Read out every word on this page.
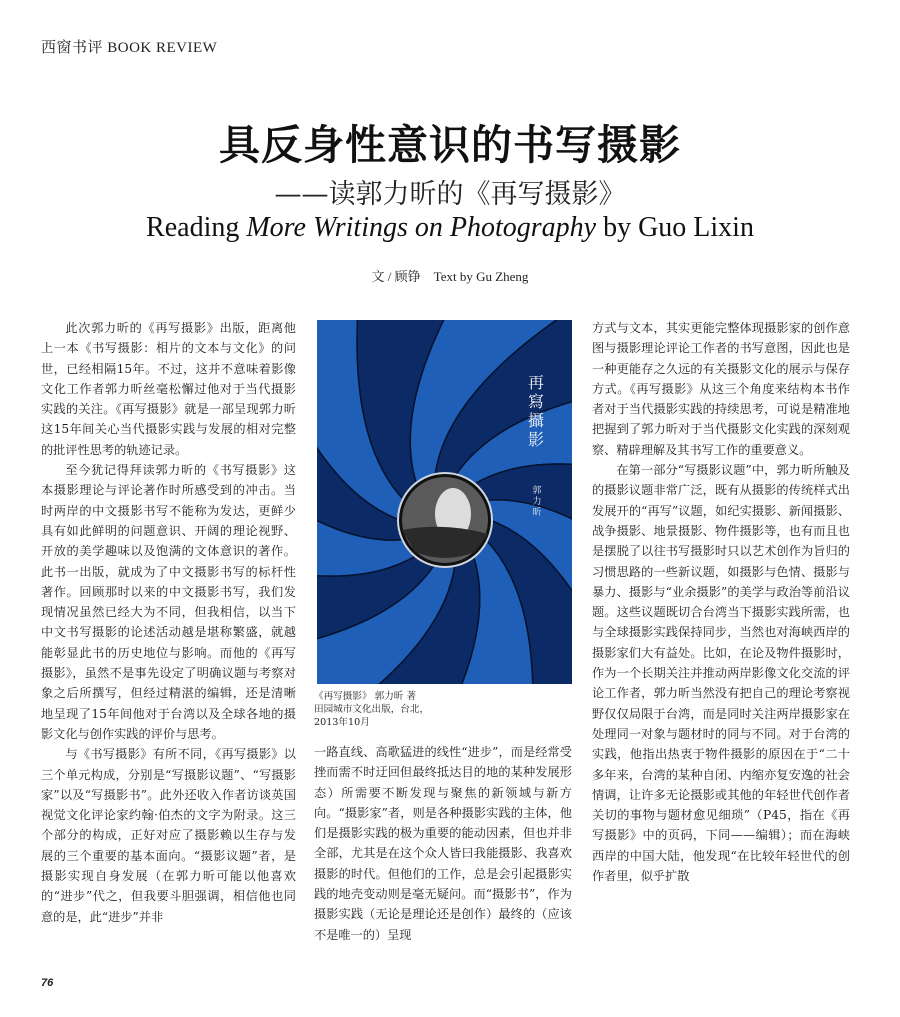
西窗书评 BOOK REVIEW
具反身性意识的书写摄影
——读郭力昕的《再写摄影》
Reading More Writings on Photography by Guo Lixin
文 / 顾铮　Text by Gu Zheng

此次郭力昕的《再写摄影》出版，距离他上一本《书写摄影：相片的文本与文化》的问世，已经相隔15年。不过，这并不意味着影像文化工作者郭力昕丝毫松懈过他对于当代摄影实践的关注。《再写摄影》就是一部呈现郭力昕这15年间关心当代摄影实践与发展的相对完整的批评性思考的轨迹记录。

至今犹记得拜读郭力昕的《书写摄影》这本摄影理论与评论著作时所感受到的冲击。当时两岸的中文摄影书写不能称为发达，更鲜少具有如此鲜明的问题意识、开阔的理论视野、开放的美学趣味以及饱满的文体意识的著作。此书一出版，就成为了中文摄影书写的标杆性著作。回顾那时以来的中文摄影书写，我们发现情况虽然已经大为不同，但我相信，以当下中文书写摄影的论述活动越是堪称繁盛，就越能彰显此书的历史地位与影响。而他的《再写摄影》，虽然不是事先设定了明确议题与考察对象之后所撰写，但经过精湛的编辑，还是清晰地呈现了15年间他对于台湾以及全球各地的摄影文化与创作实践的评价与思考。

与《书写摄影》有所不同，《再写摄影》以三个单元构成，分别是“写摄影议题”、“写摄影家”以及“写摄影书”。此外还收入作者访谈英国视觉文化评论家约翰·伯杰的文字为附录。这三个部分的构成，正好对应了摄影赖以生存与发展的三个重要的基本面向。“摄影议题”者，是摄影实现自身发展（在郭力昕可能以他喜欢的“进步”代之，但我要斗胆强调，相信他也同意的是，此“进步”并非

再寫攝影
郭力昕
《再写摄影》 郭力昕 著
田园城市文化出版，台北，
2013年10月

一路直线、高歌猛进的线性“进步”，而是经常受挫而需不时迂回但最终抵达目的地的某种发展形态）所需要不断发现与聚焦的新领域与新方向。“摄影家”者，则是各种摄影实践的主体，他们是摄影实践的极为重要的能动因素，但也并非全部，尤其是在这个众人皆曰我能摄影、我喜欢摄影的时代。但他们的工作，总是会引起摄影实践的地壳变动则是毫无疑问。而“摄影书”，作为摄影实践（无论是理论还是创作）最终的（应该不是唯一的）呈现

方式与文本，其实更能完整体现摄影家的创作意图与摄影理论评论工作者的书写意图，因此也是一种更能存之久远的有关摄影文化的展示与保存方式。《再写摄影》从这三个角度来结构本书作者对于当代摄影实践的持续思考，可说是精准地把握到了郭力昕对于当代摄影文化实践的深刻观察、精辟理解及其书写工作的重要意义。

在第一部分“写摄影议题”中，郭力昕所触及的摄影议题非常广泛，既有从摄影的传统样式出发展开的“再写”议题，如纪实摄影、新闻摄影、战争摄影、地景摄影、物件摄影等，也有而且也是摆脱了以往书写摄影时只以艺术创作为旨归的习惯思路的一些新议题，如摄影与色情、摄影与暴力、摄影与“业余摄影”的美学与政治等前沿议题。这些议题既切合台湾当下摄影实践所需，也与全球摄影实践保持同步，当然也对海峡西岸的摄影家们大有益处。比如，在论及物件摄影时，作为一个长期关注并推动两岸影像文化交流的评论工作者，郭力昕当然没有把自己的理论考察视野仅仅局限于台湾，而是同时关注两岸摄影家在处理同一对象与题材时的同与不同。对于台湾的实践，他指出热衷于物件摄影的原因在于“二十多年来，台湾的某种自闭、内缩亦复安逸的社会情调，让许多无论摄影或其他的年轻世代创作者关切的事物与题材愈见细琐”（P45，指在《再写摄影》中的页码，下同——编辑）；而在海峡西岸的中国大陆，他发现“在比较年轻世代的创作者里，似乎扩散

76
